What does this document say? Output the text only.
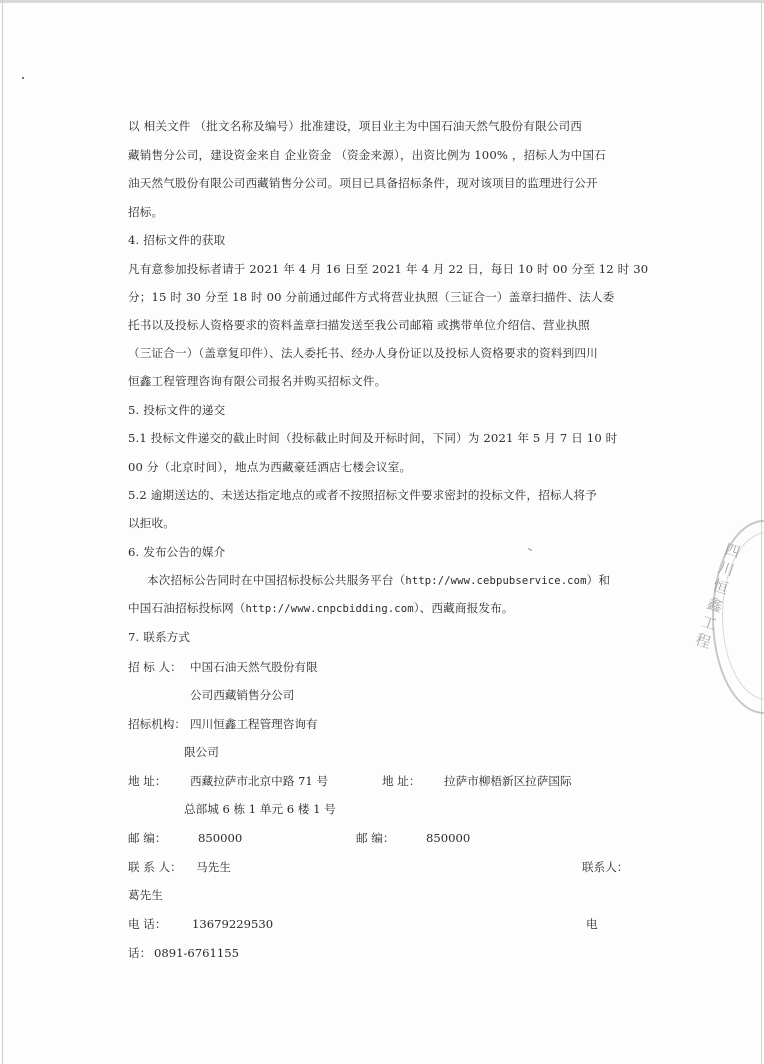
以 相关文件 （批文名称及编号）批准建设，项目业主为中国石油天然气股份有限公司西
藏销售分公司，建设资金来自 企业资金 （资金来源），出资比例为 100% ，招标人为中国石
油天然气股份有限公司西藏销售分公司。项目已具备招标条件，现对该项目的监理进行公开
招标。
4. 招标文件的获取
凡有意参加投标者请于 2021 年 4 月 16 日至 2021 年 4 月 22 日，每日 10 时 00 分至 12 时 30
分；15 时 30 分至 18 时 00 分前通过邮件方式将营业执照（三证合一）盖章扫描件、法人委
托书以及投标人资格要求的资料盖章扫描发送至我公司邮箱 或携带单位介绍信、营业执照
（三证合一）（盖章复印件）、法人委托书、经办人身份证以及投标人资格要求的资料到四川
恒鑫工程管理咨询有限公司报名并购买招标文件。
5. 投标文件的递交
5.1 投标文件递交的截止时间（投标截止时间及开标时间，下同）为 2021 年 5 月 7 日 10 时
00 分（北京时间），地点为西藏豪廷酒店七楼会议室。
5.2 逾期送达的、未送达指定地点的或者不按照招标文件要求密封的投标文件，招标人将予
以拒收。
6. 发布公告的媒介
本次招标公告同时在中国招标投标公共服务平台（http://www.cebpubservice.com）和
中国石油招标投标网（http://www.cnpcbidding.com）、西藏商报发布。
7. 联系方式
招 标 人： 中国石油天然气股份有限
公司西藏销售分公司
招标机构： 四川恒鑫工程管理咨询有
限公司
地 址： 西藏拉萨市北京中路 71 号	地 址： 拉萨市柳梧新区拉萨国际
总部城 6 栋 1 单元 6 楼 1 号
邮 编：	850000	邮 编：	850000
联 系 人： 马先生	联系人：
葛先生
电 话： 13679229530	电
话： 0891-6761155
四川恒鑫工程
